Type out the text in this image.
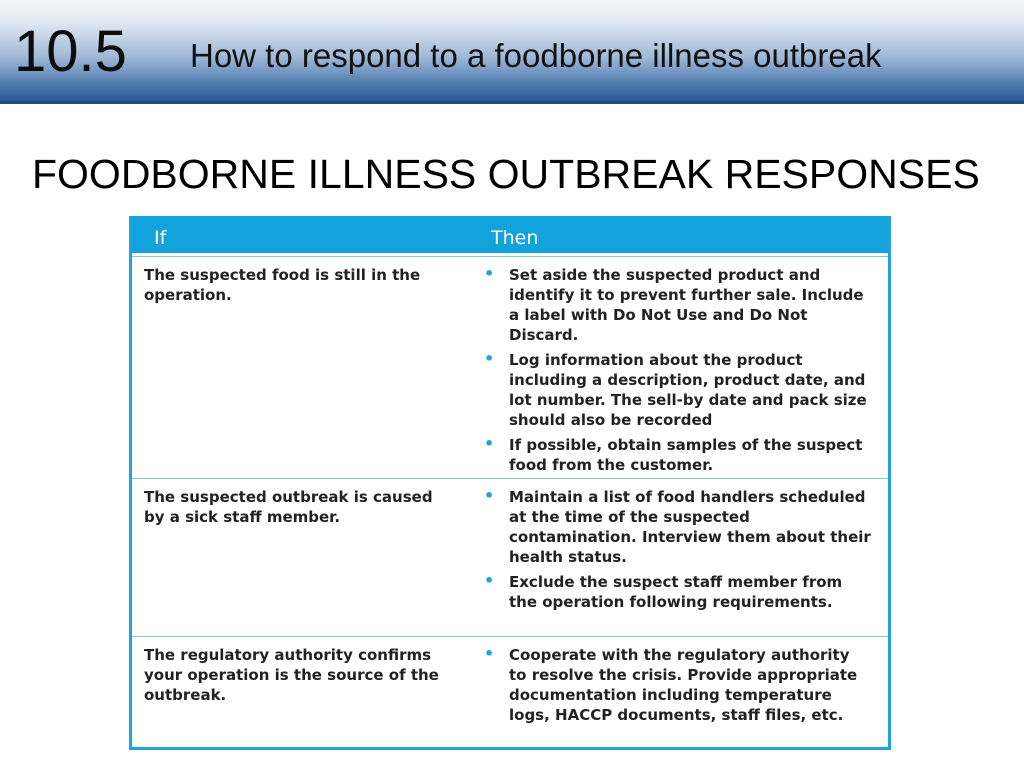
10.5 How to respond to a foodborne illness outbreak
FOODBORNE ILLNESS OUTBREAK RESPONSES
If	Then
The suspected food is still in the operation.
• Set aside the suspected product and identify it to prevent further sale. Include a label with Do Not Use and Do Not Discard.
• Log information about the product including a description, product date, and lot number. The sell-by date and pack size should also be recorded
• If possible, obtain samples of the suspect food from the customer.
The suspected outbreak is caused by a sick staff member.
• Maintain a list of food handlers scheduled at the time of the suspected contamination. Interview them about their health status.
• Exclude the suspect staff member from the operation following requirements.
The regulatory authority confirms your operation is the source of the outbreak.
• Cooperate with the regulatory authority to resolve the crisis. Provide appropriate documentation including temperature logs, HACCP documents, staff files, etc.
